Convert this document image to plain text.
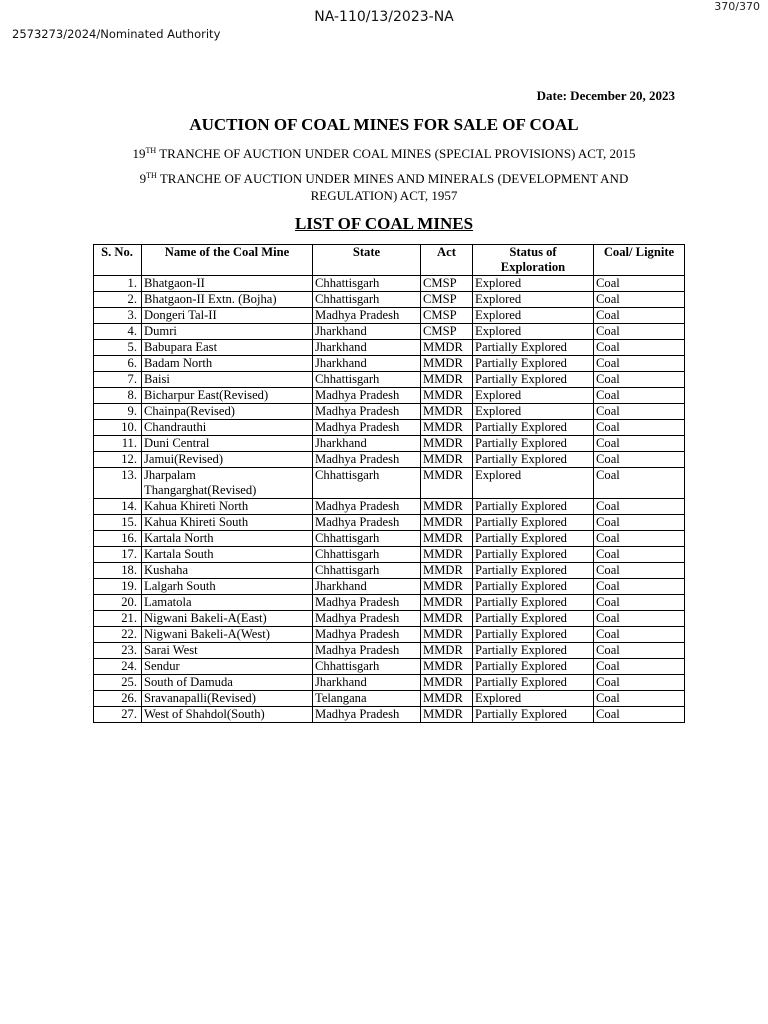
370/370
NA-110/13/2023-NA
2573273/2024/Nominated Authority
Date: December 20, 2023
AUCTION OF COAL MINES FOR SALE OF COAL
19TH TRANCHE OF AUCTION UNDER COAL MINES (SPECIAL PROVISIONS) ACT, 2015
9TH TRANCHE OF AUCTION UNDER MINES AND MINERALS (DEVELOPMENT AND REGULATION) ACT, 1957
LIST OF COAL MINES
S. No.	Name of the Coal Mine	State	Act	Status of Exploration	Coal/ Lignite
1.	Bhatgaon-II	Chhattisgarh	CMSP	Explored	Coal
2.	Bhatgaon-II Extn. (Bojha)	Chhattisgarh	CMSP	Explored	Coal
3.	Dongeri Tal-II	Madhya Pradesh	CMSP	Explored	Coal
4.	Dumri	Jharkhand	CMSP	Explored	Coal
5.	Babupara East	Jharkhand	MMDR	Partially Explored	Coal
6.	Badam North	Jharkhand	MMDR	Partially Explored	Coal
7.	Baisi	Chhattisgarh	MMDR	Partially Explored	Coal
8.	Bicharpur East(Revised)	Madhya Pradesh	MMDR	Explored	Coal
9.	Chainpa(Revised)	Madhya Pradesh	MMDR	Explored	Coal
10.	Chandrauthi	Madhya Pradesh	MMDR	Partially Explored	Coal
11.	Duni Central	Jharkhand	MMDR	Partially Explored	Coal
12.	Jamui(Revised)	Madhya Pradesh	MMDR	Partially Explored	Coal
13.	Jharpalam Thangarghat(Revised)	Chhattisgarh	MMDR	Explored	Coal
14.	Kahua Khireti North	Madhya Pradesh	MMDR	Partially Explored	Coal
15.	Kahua Khireti South	Madhya Pradesh	MMDR	Partially Explored	Coal
16.	Kartala North	Chhattisgarh	MMDR	Partially Explored	Coal
17.	Kartala South	Chhattisgarh	MMDR	Partially Explored	Coal
18.	Kushaha	Chhattisgarh	MMDR	Partially Explored	Coal
19.	Lalgarh South	Jharkhand	MMDR	Partially Explored	Coal
20.	Lamatola	Madhya Pradesh	MMDR	Partially Explored	Coal
21.	Nigwani Bakeli-A(East)	Madhya Pradesh	MMDR	Partially Explored	Coal
22.	Nigwani Bakeli-A(West)	Madhya Pradesh	MMDR	Partially Explored	Coal
23.	Sarai West	Madhya Pradesh	MMDR	Partially Explored	Coal
24.	Sendur	Chhattisgarh	MMDR	Partially Explored	Coal
25.	South of Damuda	Jharkhand	MMDR	Partially Explored	Coal
26.	Sravanapalli(Revised)	Telangana	MMDR	Explored	Coal
27.	West of Shahdol(South)	Madhya Pradesh	MMDR	Partially Explored	Coal
